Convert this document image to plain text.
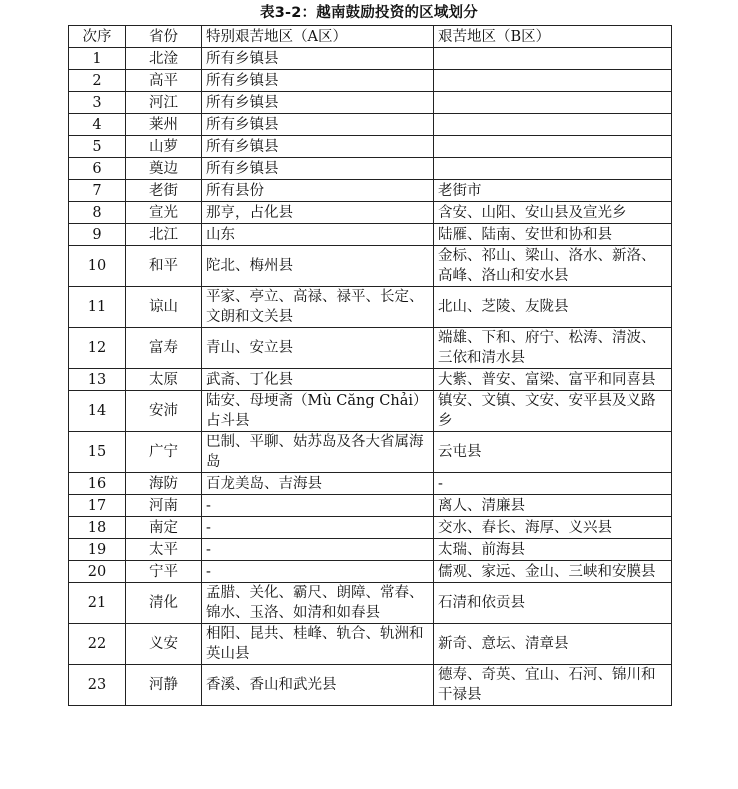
表3-2：越南鼓励投资的区域划分
次序	省份	特别艰苦地区（A区）	艰苦地区（B区）
1	北淦	所有乡镇县	
2	高平	所有乡镇县	
3	河江	所有乡镇县	
4	莱州	所有乡镇县	
5	山萝	所有乡镇县	
6	奠边	所有乡镇县	
7	老街	所有县份	老街市
8	宣光	那亨，占化县	含安、山阳、安山县及宣光乡
9	北江	山东	陆雁、陆南、安世和协和县
10	和平	陀北、梅州县	金标、祁山、梁山、洛水、新洛、高峰、洛山和安水县
11	谅山	平家、亭立、高禄、禄平、长定、文朗和文关县	北山、芝陵、友陇县
12	富寿	青山、安立县	端雄、下和、府宁、松涛、清波、三依和清水县
13	太原	武斋、丁化县	大紫、普安、富梁、富平和同喜县
14	安沛	陆安、母埂斋（Mù Căng Chải）占斗县	镇安、文镇、文安、安平县及义路乡
15	广宁	巴制、平聊、姑苏岛及各大省属海岛	云屯县
16	海防	百龙美岛、吉海县	-
17	河南	-	离人、清廉县
18	南定	-	交水、春长、海厚、义兴县
19	太平	-	太瑞、前海县
20	宁平	-	儒观、家远、金山、三峡和安膜县
21	清化	孟腊、关化、霸尺、朗障、常春、锦水、玉洛、如清和如春县	石清和依贡县
22	义安	相阳、昆共、桂峰、轨合、轨洲和英山县	新奇、意坛、清章县
23	河静	香溪、香山和武光县	德寿、奇英、宜山、石河、锦川和干禄县
